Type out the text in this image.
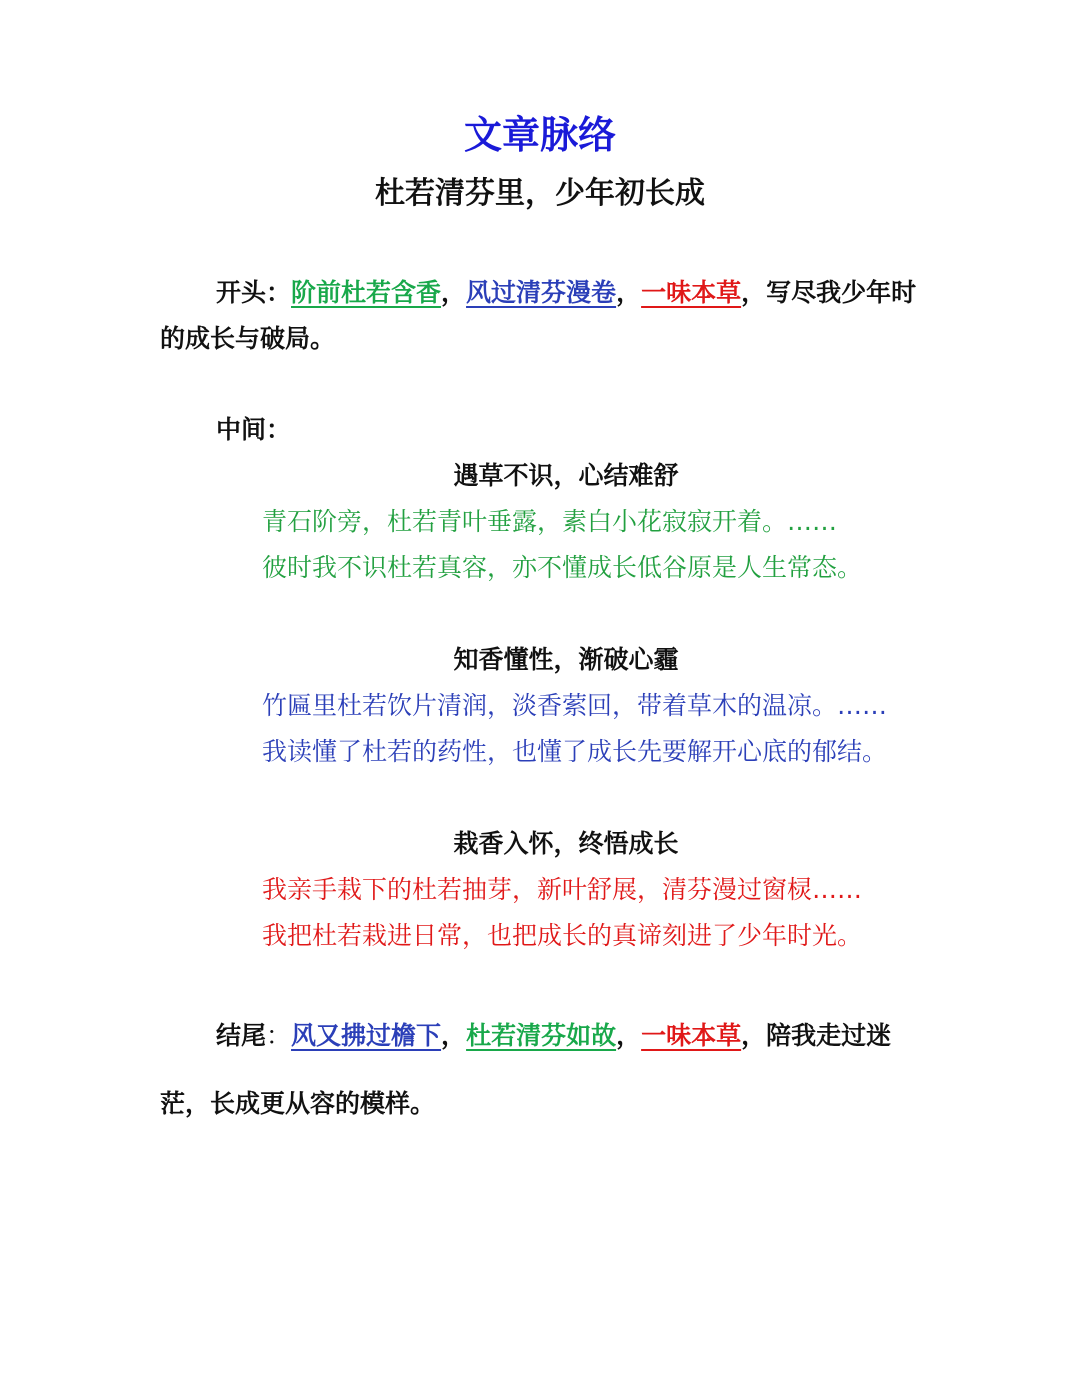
文章脉络
杜若清芬里，少年初长成
开头：阶前杜若含香，风过清芬漫卷，一味本草，写尽我少年时的成长与破局。
中间：
遇草不识，心结难舒
青石阶旁，杜若青叶垂露，素白小花寂寂开着。……
彼时我不识杜若真容，亦不懂成长低谷原是人生常态。
知香懂性，渐破心霾
竹匾里杜若饮片清润，淡香萦回，带着草木的温凉。……
我读懂了杜若的药性，也懂了成长先要解开心底的郁结。
栽香入怀，终悟成长
我亲手栽下的杜若抽芽，新叶舒展，清芬漫过窗棂……
我把杜若栽进日常，也把成长的真谛刻进了少年时光。
结尾：风又拂过檐下，杜若清芬如故，一味本草，陪我走过迷茫，长成更从容的模样。
